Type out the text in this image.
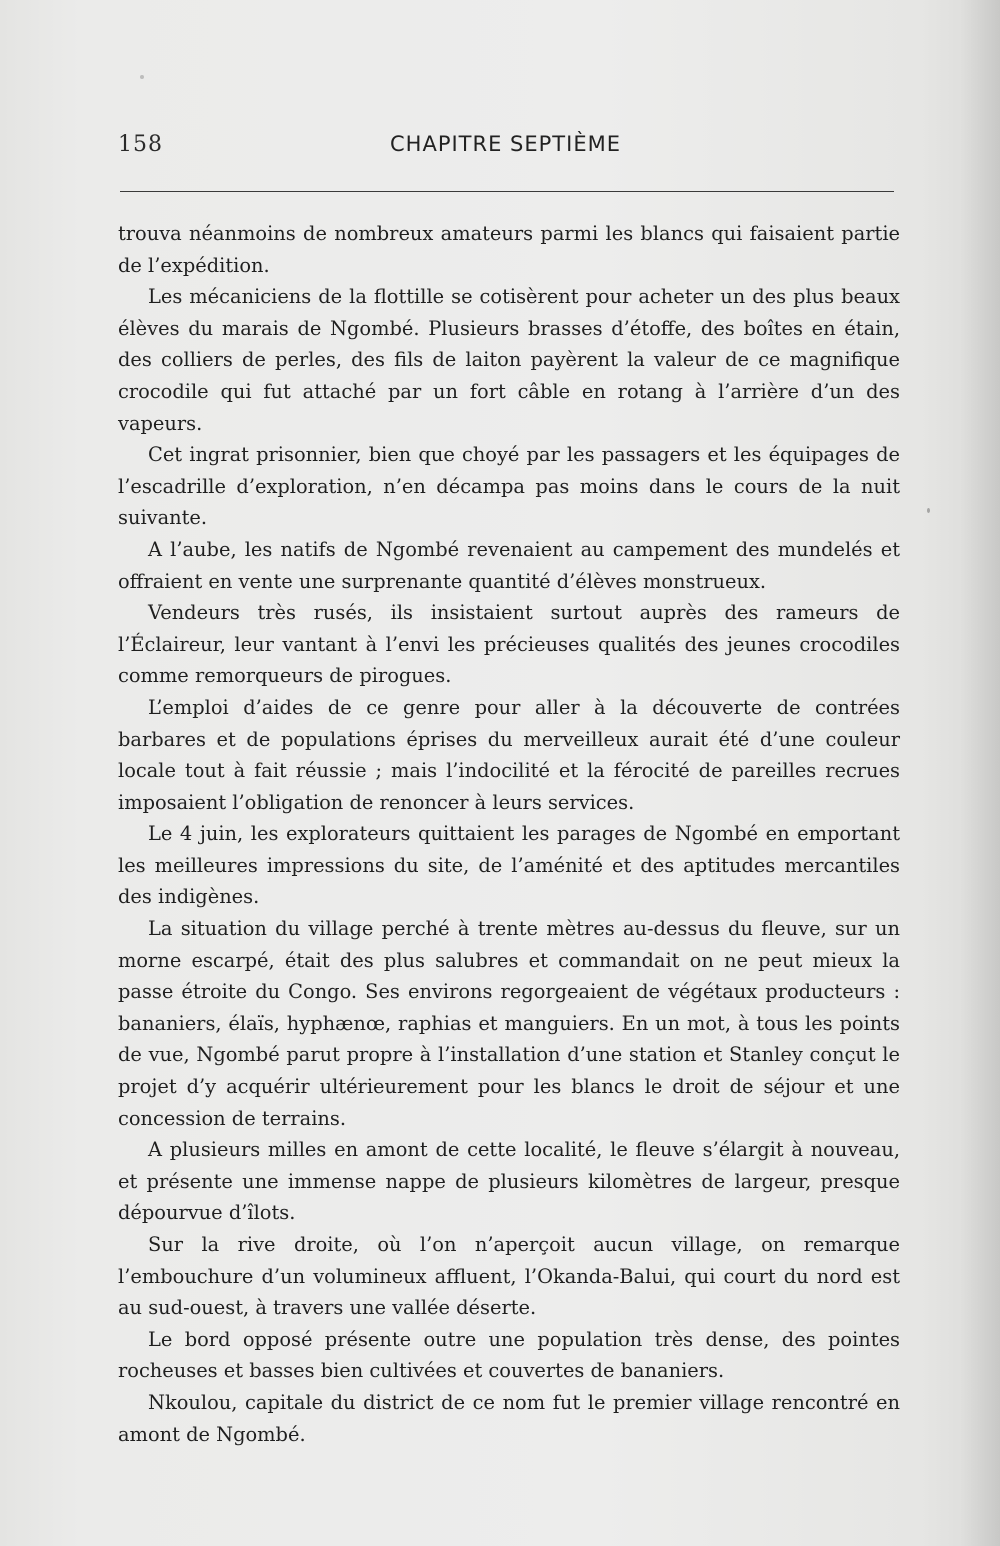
158	CHAPITRE SEPTIÈME

trouva néanmoins de nombreux amateurs parmi les blancs qui faisaient partie de l’expédition.

Les mécaniciens de la flottille se cotisèrent pour acheter un des plus beaux élèves du marais de Ngombé. Plusieurs brasses d’étoffe, des boîtes en étain, des colliers de perles, des fils de laiton payèrent la valeur de ce magnifique crocodile qui fut attaché par un fort câble en rotang à l’arrière d’un des vapeurs.

Cet ingrat prisonnier, bien que choyé par les passagers et les équipages de l’escadrille d’exploration, n’en décampa pas moins dans le cours de la nuit suivante.

A l’aube, les natifs de Ngombé revenaient au campement des mundelés et offraient en vente une surprenante quantité d’élèves monstrueux.

Vendeurs très rusés, ils insistaient surtout auprès des rameurs de l’Éclaireur, leur vantant à l’envi les précieuses qualités des jeunes crocodiles comme remorqueurs de pirogues.

L’emploi d’aides de ce genre pour aller à la découverte de contrées barbares et de populations éprises du merveilleux aurait été d’une couleur locale tout à fait réussie ; mais l’indocilité et la férocité de pareilles recrues imposaient l’obligation de renoncer à leurs services.

Le 4 juin, les explorateurs quittaient les parages de Ngombé en emportant les meilleures impressions du site, de l’aménité et des aptitudes mercantiles des indigènes.

La situation du village perché à trente mètres au-dessus du fleuve, sur un morne escarpé, était des plus salubres et commandait on ne peut mieux la passe étroite du Congo. Ses environs regorgeaient de végétaux producteurs : bananiers, élaïs, hyphænœ, raphias et manguiers. En un mot, à tous les points de vue, Ngombé parut propre à l’installation d’une station et Stanley conçut le projet d’y acquérir ultérieurement pour les blancs le droit de séjour et une concession de terrains.

A plusieurs milles en amont de cette localité, le fleuve s’élargit à nouveau, et présente une immense nappe de plusieurs kilomètres de largeur, presque dépourvue d’îlots.

Sur la rive droite, où l’on n’aperçoit aucun village, on remarque l’embouchure d’un volumineux affluent, l’Okanda-Balui, qui court du nord est au sud-ouest, à travers une vallée déserte.

Le bord opposé présente outre une population très dense, des pointes rocheuses et basses bien cultivées et couvertes de bananiers.

Nkoulou, capitale du district de ce nom fut le premier village rencontré en amont de Ngombé.
